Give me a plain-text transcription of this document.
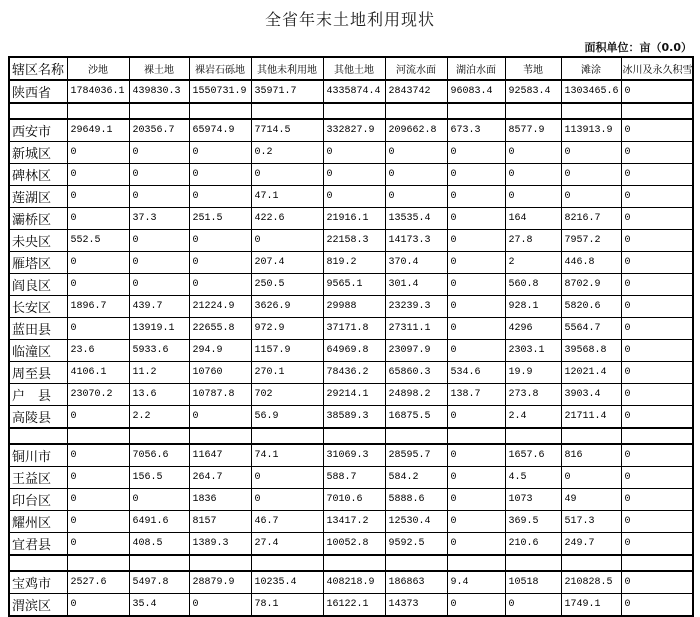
全省年末土地利用现状
面积单位：亩（0.0）
辖区名称	沙地	裸土地	裸岩石砾地	其他未利用地	其他土地	河流水面	湖泊水面	苇地	滩涂	冰川及永久积雪
陕西省	1784036.1	439830.3	1550731.9	35971.7	4335874.4	2843742	96083.4	92583.4	1303465.6	0

西安市	29649.1	20356.7	65974.9	7714.5	332827.9	209662.8	673.3	8577.9	113913.9	0
新城区	0	0	0	0.2	0	0	0	0	0	0
碑林区	0	0	0	0	0	0	0	0	0	0
莲湖区	0	0	0	47.1	0	0	0	0	0	0
灞桥区	0	37.3	251.5	422.6	21916.1	13535.4	0	164	8216.7	0
未央区	552.5	0	0	0	22158.3	14173.3	0	27.8	7957.2	0
雁塔区	0	0	0	207.4	819.2	370.4	0	2	446.8	0
阎良区	0	0	0	250.5	9565.1	301.4	0	560.8	8702.9	0
长安区	1896.7	439.7	21224.9	3626.9	29988	23239.3	0	928.1	5820.6	0
蓝田县	0	13919.1	22655.8	972.9	37171.8	27311.1	0	4296	5564.7	0
临潼区	23.6	5933.6	294.9	1157.9	64969.8	23097.9	0	2303.1	39568.8	0
周至县	4106.1	11.2	10760	270.1	78436.2	65860.3	534.6	19.9	12021.4	0
户　县	23070.2	13.6	10787.8	702	29214.1	24898.2	138.7	273.8	3903.4	0
高陵县	0	2.2	0	56.9	38589.3	16875.5	0	2.4	21711.4	0

铜川市	0	7056.6	11647	74.1	31069.3	28595.7	0	1657.6	816	0
王益区	0	156.5	264.7	0	588.7	584.2	0	4.5	0	0
印台区	0	0	1836	0	7010.6	5888.6	0	1073	49	0
耀州区	0	6491.6	8157	46.7	13417.2	12530.4	0	369.5	517.3	0
宜君县	0	408.5	1389.3	27.4	10052.8	9592.5	0	210.6	249.7	0

宝鸡市	2527.6	5497.8	28879.9	10235.4	408218.9	186863	9.4	10518	210828.5	0
渭滨区	0	35.4	0	78.1	16122.1	14373	0	0	1749.1	0
